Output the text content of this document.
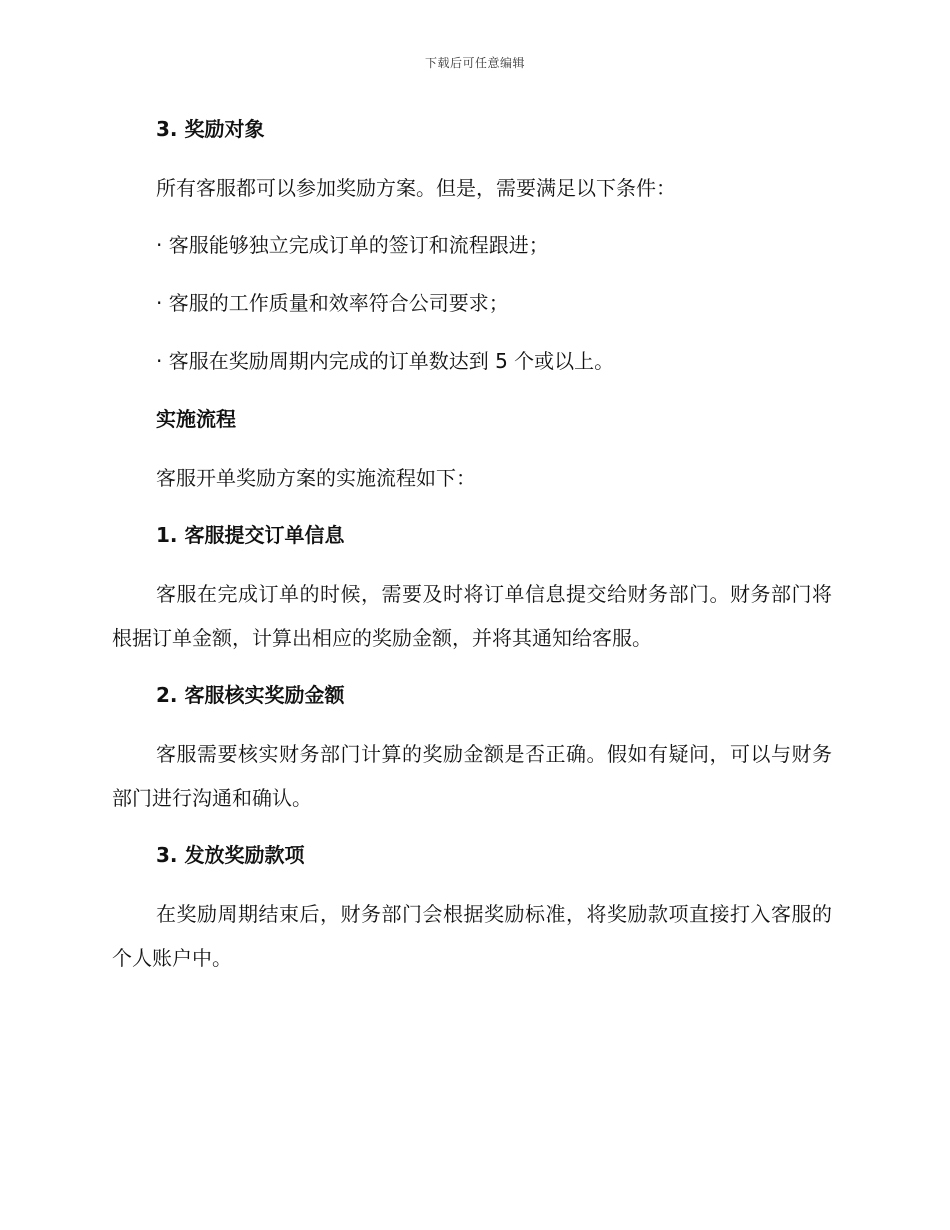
下载后可任意编辑
3. 奖励对象
所有客服都可以参加奖励方案。但是，需要满足以下条件：
· 客服能够独立完成订单的签订和流程跟进；
· 客服的工作质量和效率符合公司要求；
· 客服在奖励周期内完成的订单数达到 5 个或以上。
实施流程
客服开单奖励方案的实施流程如下：
1. 客服提交订单信息
客服在完成订单的时候，需要及时将订单信息提交给财务部门。财务部门将根据订单金额，计算出相应的奖励金额，并将其通知给客服。
2. 客服核实奖励金额
客服需要核实财务部门计算的奖励金额是否正确。假如有疑问，可以与财务部门进行沟通和确认。
3. 发放奖励款项
在奖励周期结束后，财务部门会根据奖励标准，将奖励款项直接打入客服的个人账户中。
